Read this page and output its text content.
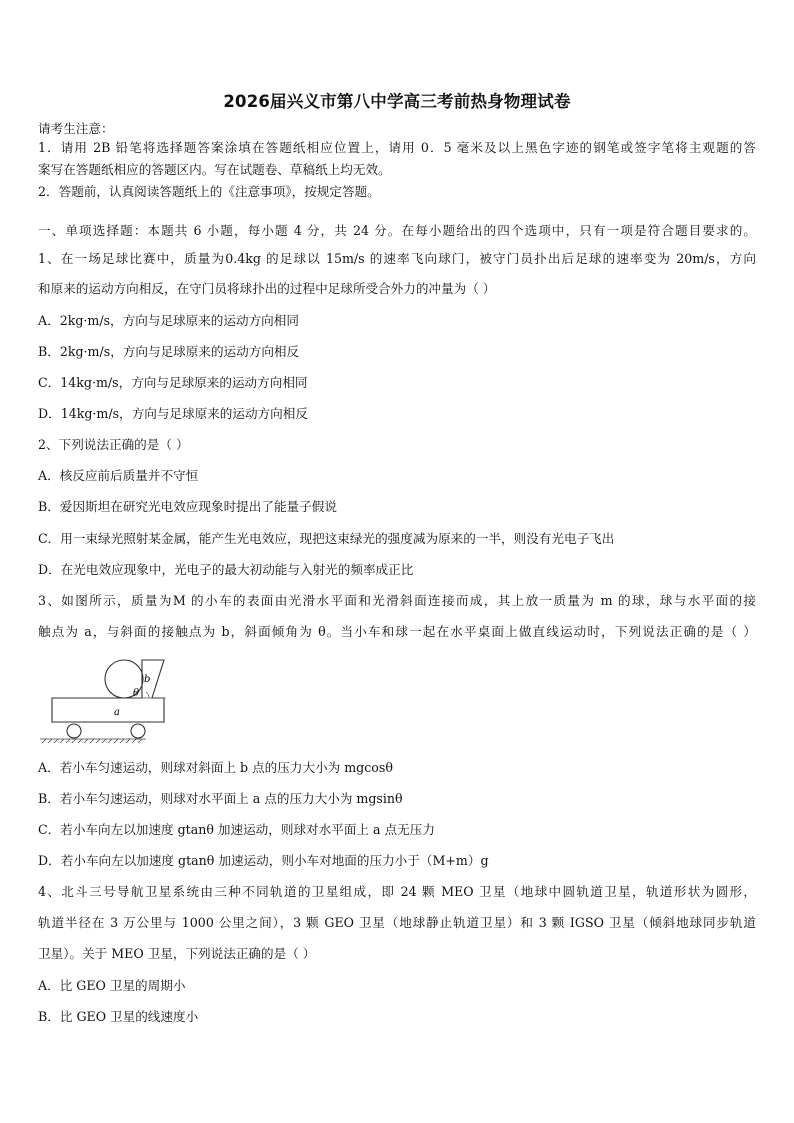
2026届兴义市第八中学高三考前热身物理试卷
请考生注意：
1．请用 2B 铅笔将选择题答案涂填在答题纸相应位置上，请用 0．5 毫米及以上黑色字迹的钢笔或签字笔将主观题的答
案写在答题纸相应的答题区内。写在试题卷、草稿纸上均无效。
2．答题前，认真阅读答题纸上的《注意事项》，按规定答题。
一、单项选择题：本题共 6 小题，每小题 4 分，共 24 分。在每小题给出的四个选项中，只有一项是符合题目要求的。
1、在一场足球比赛中，质量为0.4kg 的足球以 15m/s 的速率飞向球门，被守门员扑出后足球的速率变为 20m/s，方向
和原来的运动方向相反，在守门员将球扑出的过程中足球所受合外力的冲量为（ ）
A．2kg·m/s，方向与足球原来的运动方向相同
B．2kg·m/s，方向与足球原来的运动方向相反
C．14kg·m/s，方向与足球原来的运动方向相同
D．14kg·m/s，方向与足球原来的运动方向相反
2、下列说法正确的是（ ）
A．核反应前后质量并不守恒
B．爱因斯坦在研究光电效应现象时提出了能量子假说
C．用一束绿光照射某金属，能产生光电效应，现把这束绿光的强度减为原来的一半，则没有光电子飞出
D．在光电效应现象中，光电子的最大初动能与入射光的频率成正比
3、如图所示，质量为M 的小车的表面由光滑水平面和光滑斜面连接而成，其上放一质量为 m 的球，球与水平面的接
触点为 a，与斜面的接触点为 b，斜面倾角为 θ。当小车和球一起在水平桌面上做直线运动时，下列说法正确的是（ ）
θ
b
a
A．若小车匀速运动，则球对斜面上 b 点的压力大小为 mgcosθ
B．若小车匀速运动，则球对水平面上 a 点的压力大小为 mgsinθ
C．若小车向左以加速度 gtanθ 加速运动，则球对水平面上 a 点无压力
D．若小车向左以加速度 gtanθ 加速运动，则小车对地面的压力小于（M+m）g
4、北斗三号导航卫星系统由三种不同轨道的卫星组成，即 24 颗 MEO 卫星（地球中圆轨道卫星，轨道形状为圆形，
轨道半径在 3 万公里与 1000 公里之间），3 颗 GEO 卫星（地球静止轨道卫星）和 3 颗 IGSO 卫星（倾斜地球同步轨道
卫星）。关于 MEO 卫星，下列说法正确的是（ ）
A．比 GEO 卫星的周期小
B．比 GEO 卫星的线速度小
